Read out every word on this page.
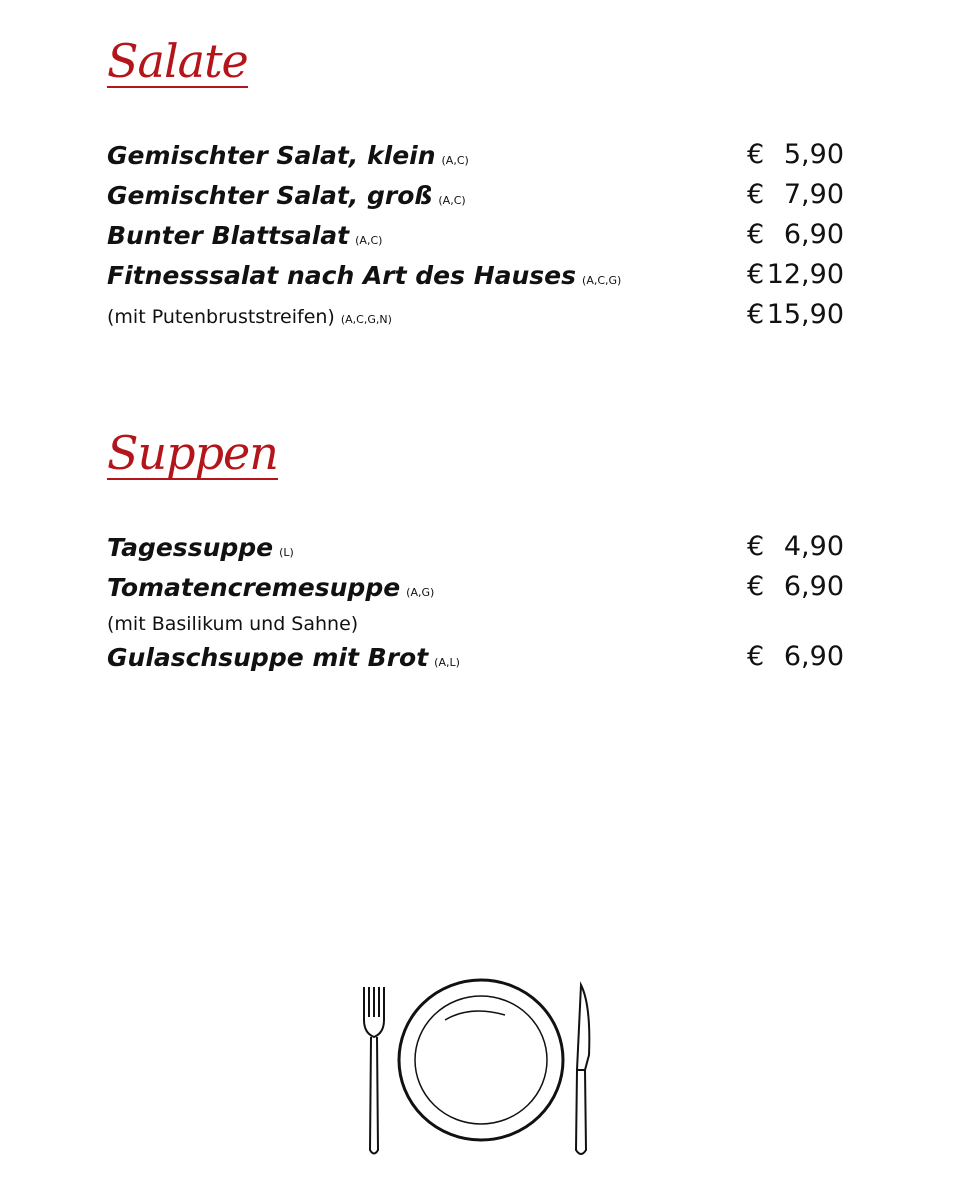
Salate
Gemischter Salat, klein (A,C)	€ 5,90
Gemischter Salat, groß (A,C)	€ 7,90
Bunter Blattsalat (A,C)	€ 6,90
Fitnesssalat nach Art des Hauses (A,C,G)	€ 12,90
(mit Putenbruststreifen) (A,C,G,N)	€ 15,90
Suppen
Tagessuppe (L)	€ 4,90
Tomatencremesuppe (A,G)	€ 6,90
(mit Basilikum und Sahne)
Gulaschsuppe mit Brot (A,L)	€ 6,90
